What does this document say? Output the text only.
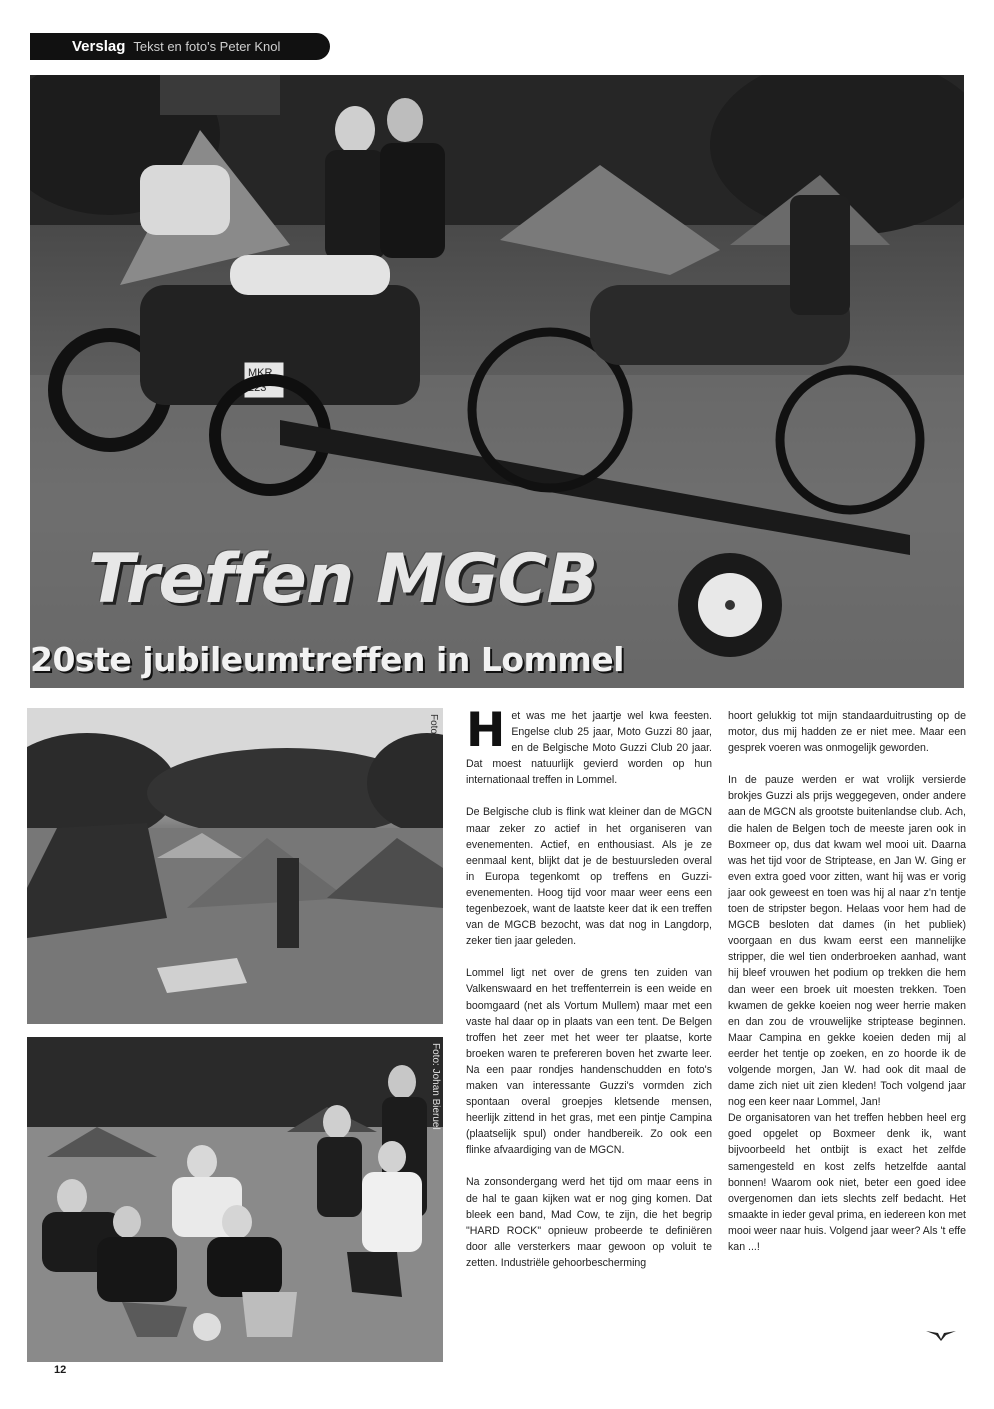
Verslag Tekst en foto's Peter Knol
MKR
223
Treffen MGCB
20ste jubileumtreffen in Lommel
Foto
Foto: Johan Bieruel

Het was me het jaartje wel kwa feesten. Engelse club 25 jaar, Moto Guzzi 80 jaar, en de Belgische Moto Guzzi Club 20 jaar. Dat moest natuurlijk gevierd worden op hun internationaal treffen in Lommel.

De Belgische club is flink wat kleiner dan de MGCN maar zeker zo actief in het organiseren van evenementen. Actief, en enthousiast. Als je ze eenmaal kent, blijkt dat je de bestuursleden overal in Europa tegenkomt op treffens en Guzzi-evenementen. Hoog tijd voor maar weer eens een tegenbezoek, want de laatste keer dat ik een treffen van de MGCB bezocht, was dat nog in Langdorp, zeker tien jaar geleden.

Lommel ligt net over de grens ten zuiden van Valkenswaard en het treffenterrein is een weide en boomgaard (net als Vortum Mullem) maar met een vaste hal daar op in plaats van een tent. De Belgen troffen het zeer met het weer ter plaatse, korte broeken waren te prefereren boven het zwarte leer. Na een paar rondjes handenschudden en foto's maken van interessante Guzzi's vormden zich spontaan overal groepjes kletsende mensen, heerlijk zittend in het gras, met een pintje Campina (plaatselijk spul) onder handbereik. Zo ook een flinke afvaardiging van de MGCN.

Na zonsondergang werd het tijd om maar eens in de hal te gaan kijken wat er nog ging komen. Dat bleek een band, Mad Cow, te zijn, die het begrip "HARD ROCK" opnieuw probeerde te definiëren door alle versterkers maar gewoon op voluit te zetten. Industriële gehoorbescherming

hoort gelukkig tot mijn standaarduitrusting op de motor, dus mij hadden ze er niet mee. Maar een gesprek voeren was onmogelijk geworden.

In de pauze werden er wat vrolijk versierde brokjes Guzzi als prijs weggegeven, onder andere aan de MGCN als grootste buitenlandse club. Ach, die halen de Belgen toch de meeste jaren ook in Boxmeer op, dus dat kwam wel mooi uit. Daarna was het tijd voor de Striptease, en Jan W. Ging er even extra goed voor zitten, want hij was er vorig jaar ook geweest en toen was hij al naar z'n tentje toen de stripster begon. Helaas voor hem had de MGCB besloten dat dames (in het publiek) voorgaan en dus kwam eerst een mannelijke stripper, die wel tien onderbroeken aanhad, want hij bleef vrouwen het podium op trekken die hem dan weer een broek uit moesten trekken. Toen kwamen de gekke koeien nog weer herrie maken en dan zou de vrouwelijke striptease beginnen. Maar Campina en gekke koeien deden mij al eerder het tentje op zoeken, en zo hoorde ik de volgende morgen, Jan W. had ook dit maal de dame zich niet uit zien kleden! Toch volgend jaar nog een keer naar Lommel, Jan!

De organisatoren van het treffen hebben heel erg goed opgelet op Boxmeer denk ik, want bijvoorbeeld het ontbijt is exact het zelfde samengesteld en kost zelfs hetzelfde aantal bonnen! Waarom ook niet, beter een goed idee overgenomen dan iets slechts zelf bedacht. Het smaakte in ieder geval prima, en iedereen kon met mooi weer naar huis. Volgend jaar weer? Als 't effe kan ...!

12
